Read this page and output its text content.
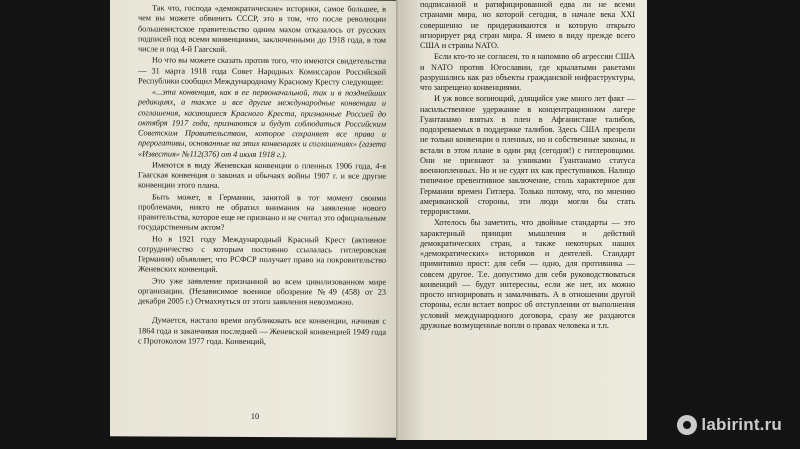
Так что, господа «демократические» историки, самое большее, в чем вы можете обвинить СССР, это в том, что после революции большевистское правительство одним махом отказалось от русских подписей под всеми конвенциями, заключенными до 1918 года, в том числе и под 4-й Гаагской.

Но что вы можете сказать против того, что имеются свидетельства — 31 марта 1918 года Совет Народных Комиссаров Российской Республики сообщил Международному Красному Кресту следующее:

«...эта конвенция, как в ее первоначальной, так и в позднейших редакциях, а также и все другие международные конвенции и соглашения, касающиеся Красного Креста, признанные Россией до октября 1917 года, признаются и будут соблюдаться Российским Советским Правительством, которое сохраняет все права и прерогативы, основанные на этих конвенциях и соглашениях» (газета «Известия» №112(376) от 4 июля 1918 г.).

Имеются в виду Женевская конвенция о пленных 1906 года, 4-я Гаагская конвенция о законах и обычаях войны 1907 г. и все другие конвенции этого плана.

Быть может, в Германии, занятой в тот момент своими проблемами, никто не обратил внимания на заявление нового правительства, которое еще не признано и не считал это официальным государственным актом?

Но в 1921 году Международный Красный Крест (активное сотрудничество с которым постоянно ссылалась гитлеровская Германия) объявляет, что РСФСР получает право на покровительство Женевских конвенций.

Это уже заявление признанной во всем цивилизованном мире организации. (Независимое военное обозрение №49 (458) от 23 декабря 2005 г.) Отмахнуться от этого заявления невозможно.

Думается, настало время опубликовать все конвенции, начиная с 1864 года и заканчивая последней — Женевской конвенцией 1949 года с Протоколом 1977 года. Конвенций,

10

подписанной и ратифицированной едва ли не всеми странами мира, но которой сегодня, в начале века XXI совершенно не придерживаются и которую открыто игнорирует ряд стран мира. Я имею в виду прежде всего США и страны NATO.

Если кто-то не согласен, то я напомню об агрессии США и NATO против Югославии, где крылатыми ракетами разрушались как раз объекты гражданской инфраструктуры, что запрещено конвенциями.

И уж вовсе вопиющий, длящийся уже много лет факт — насильственное удержание в концентрационном лагере Гуантанамо взятых в плен в Афганистане талибов, подозреваемых в поддержке талибов. Здесь США презрели не только конвенции о пленных, но и собственные законы, и встали в этом плане в один ряд (сегодня!) с гитлеровцами. Они не признают за узниками Гуантанамо статуса военнопленных. Но и не судят их как преступников. Налицо типичное превентивное заключение, столь характерное для Германии времен Гитлера. Только потому, что, по мнению американской стороны, эти люди могли бы стать террористами.

Хотелось бы заметить, что двойные стандарты — это характерный принцип мышления и действий демократических стран, а также некоторых наших «демократических» историков и деятелей. Стандарт примитивно прост: для себя — одно, для противника — совсем другое. Т.е. допустимо для себя руководствоваться конвенций — будут интересны, если же нет, их можно просто игнорировать и замалчивать. А в отношении другой стороны, если встает вопрос об отступлении от выполнения условий международного договора, сразу же раздаются дружные возмущенные вопли о правах человека и т.п.

labirint.ru
